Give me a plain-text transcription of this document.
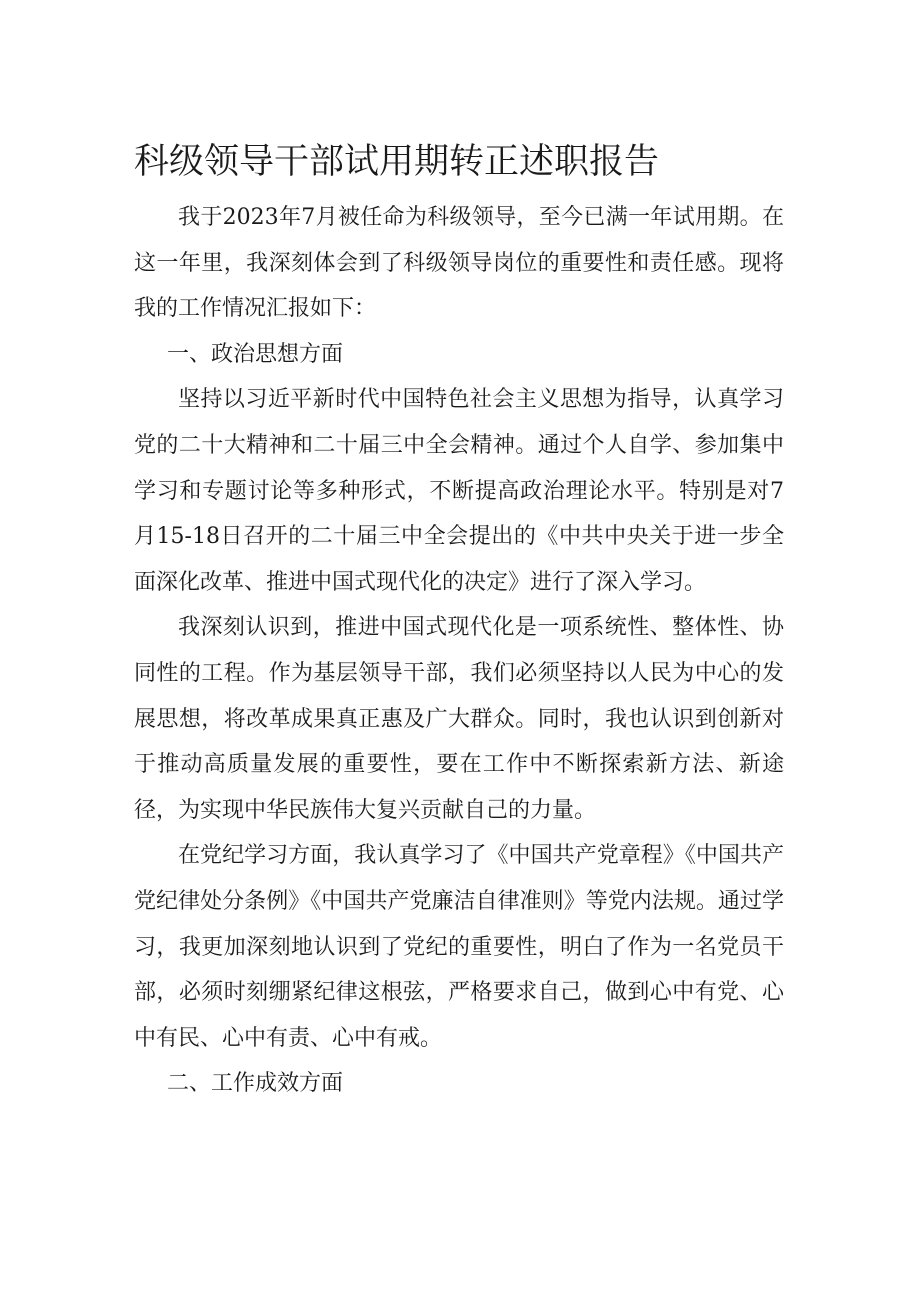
科级领导干部试用期转正述职报告

我于2023年7月被任命为科级领导，至今已满一年试用期。在这一年里，我深刻体会到了科级领导岗位的重要性和责任感。现将我的工作情况汇报如下：

一、政治思想方面

坚持以习近平新时代中国特色社会主义思想为指导，认真学习党的二十大精神和二十届三中全会精神。通过个人自学、参加集中学习和专题讨论等多种形式，不断提高政治理论水平。特别是对7月15-18日召开的二十届三中全会提出的《中共中央关于进一步全面深化改革、推进中国式现代化的决定》进行了深入学习。

我深刻认识到，推进中国式现代化是一项系统性、整体性、协同性的工程。作为基层领导干部，我们必须坚持以人民为中心的发展思想，将改革成果真正惠及广大群众。同时，我也认识到创新对于推动高质量发展的重要性，要在工作中不断探索新方法、新途径，为实现中华民族伟大复兴贡献自己的力量。

在党纪学习方面，我认真学习了《中国共产党章程》《中国共产党纪律处分条例》《中国共产党廉洁自律准则》等党内法规。通过学习，我更加深刻地认识到了党纪的重要性，明白了作为一名党员干部，必须时刻绷紧纪律这根弦，严格要求自己，做到心中有党、心中有民、心中有责、心中有戒。

二、工作成效方面
